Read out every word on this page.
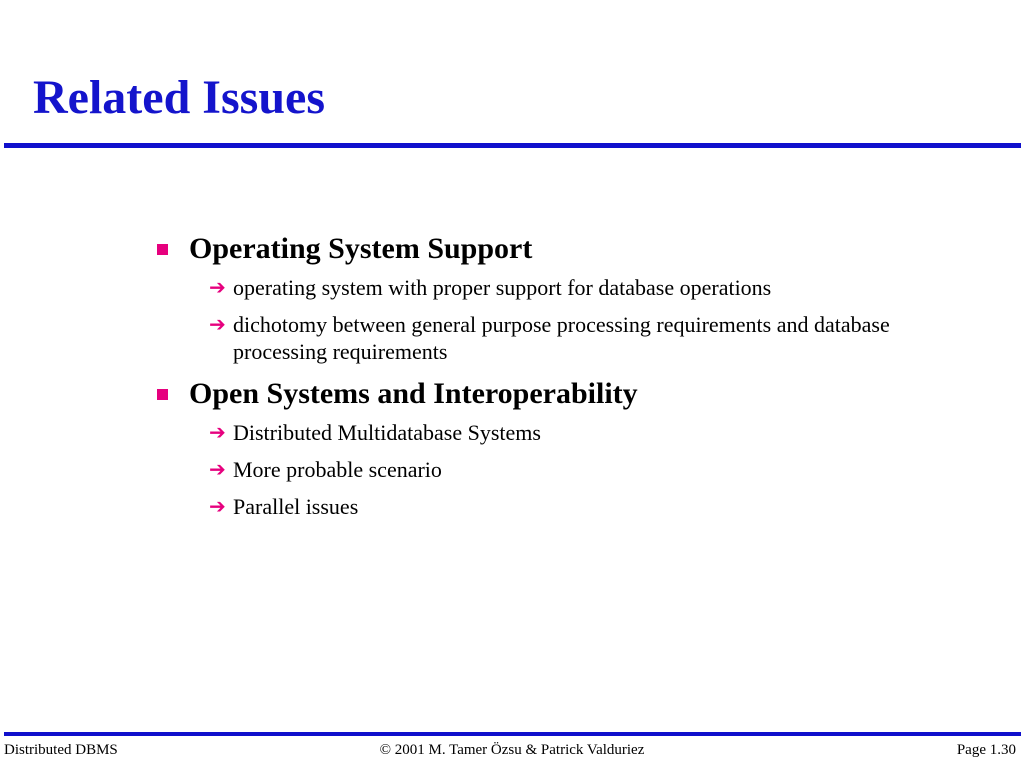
Related Issues
Operating System Support
➔ operating system with proper support for database operations
➔ dichotomy between general purpose processing requirements and database processing requirements
Open Systems and Interoperability
➔ Distributed Multidatabase Systems
➔ More probable scenario
➔ Parallel issues
Distributed DBMS	© 2001 M. Tamer Özsu & Patrick Valduriez	Page 1.30
